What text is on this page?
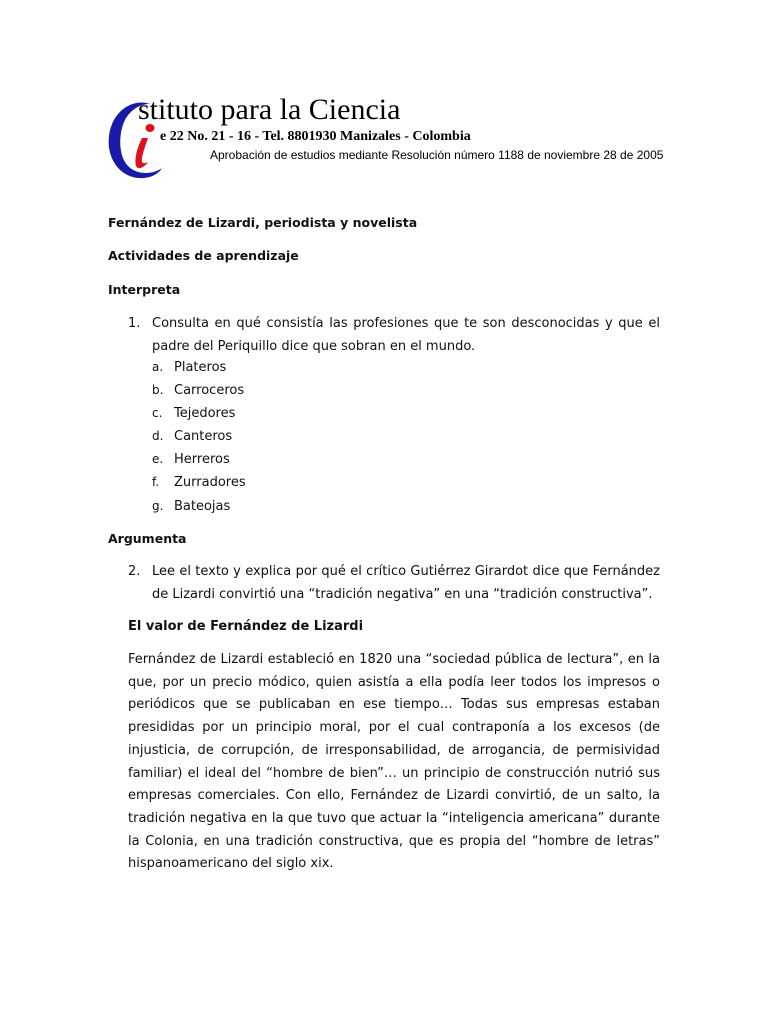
stituto para la Ciencia
e 22 No. 21 - 16 - Tel. 8801930 Manizales - Colombia
Aprobación de estudios mediante Resolución número 1188 de noviembre 28 de 2005
Fernández de Lizardi, periodista y novelista
Actividades de aprendizaje
Interpreta
1. Consulta en qué consistía las profesiones que te son desconocidas y que el padre del Periquillo dice que sobran en el mundo.
a. Plateros
b. Carroceros
c. Tejedores
d. Canteros
e. Herreros
f. Zurradores
g. Bateojas
Argumenta
2. Lee el texto y explica por qué el crítico Gutiérrez Girardot dice que Fernández de Lizardi convirtió una “tradición negativa” en una “tradición constructiva”.
El valor de Fernández de Lizardi

Fernández de Lizardi estableció en 1820 una “sociedad pública de lectura”, en la que, por un precio módico, quien asistía a ella podía leer todos los impresos o periódicos que se publicaban en ese tiempo… Todas sus empresas estaban presididas por un principio moral, por el cual contraponía a los excesos (de injusticia, de corrupción, de irresponsabilidad, de arrogancia, de permisividad familiar) el ideal del “hombre de bien”… un principio de construcción nutrió sus empresas comerciales. Con ello, Fernández de Lizardi convirtió, de un salto, la tradición negativa en la que tuvo que actuar la “inteligencia americana” durante la Colonia, en una tradición constructiva, que es propia del “hombre de letras” hispanoamericano del siglo xix.
